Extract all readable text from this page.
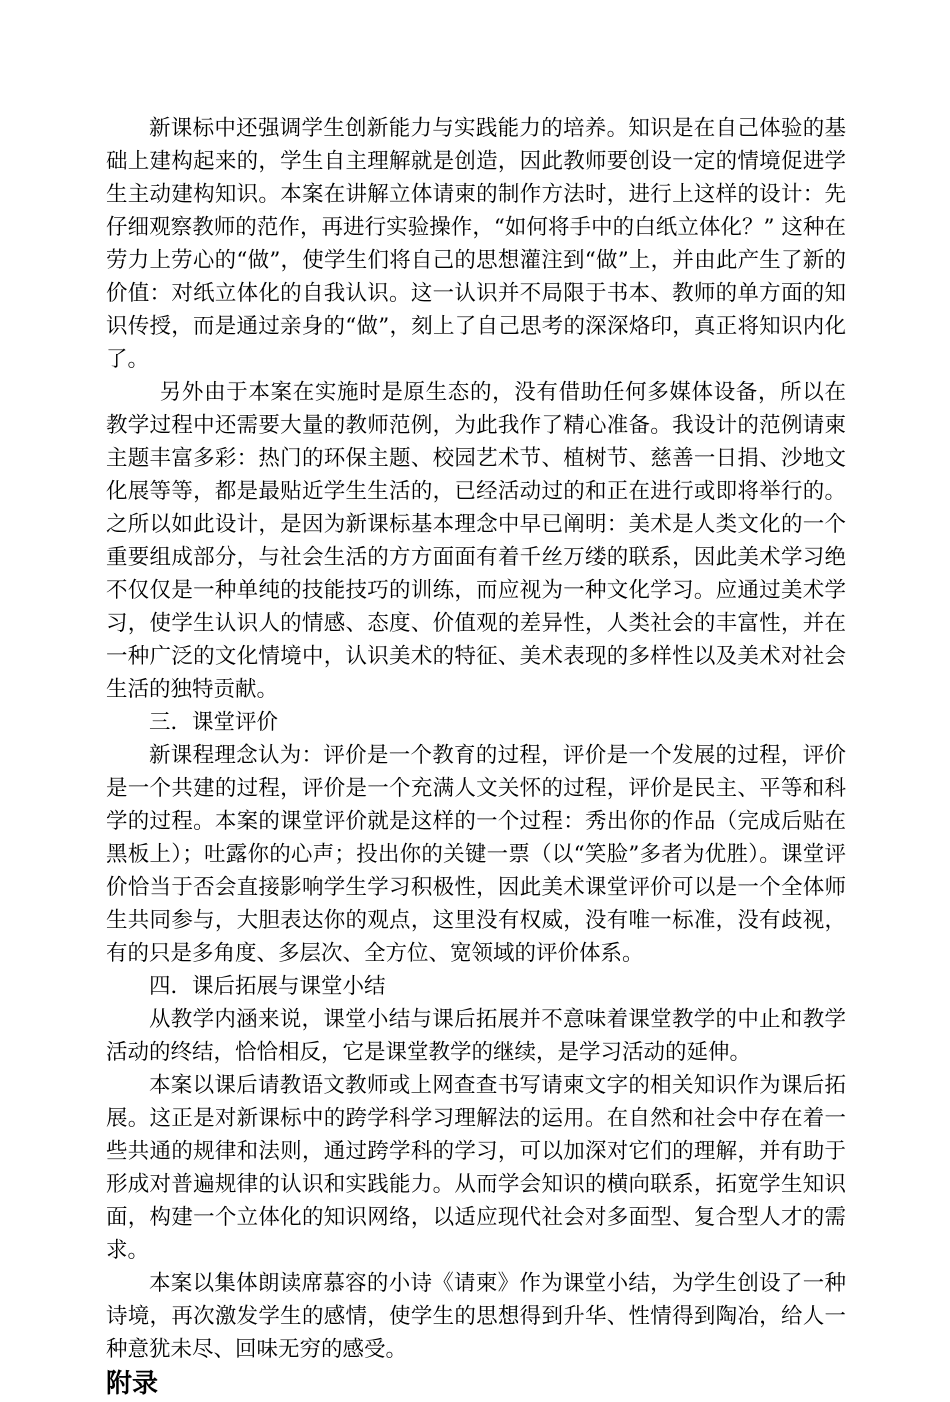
新课标中还强调学生创新能力与实践能力的培养。知识是在自己体验的基础上建构起来的，学生自主理解就是创造，因此教师要创设一定的情境促进学生主动建构知识。本案在讲解立体请柬的制作方法时，进行上这样的设计：先仔细观察教师的范作，再进行实验操作，“如何将手中的白纸立体化？” 这种在劳力上劳心的“做”，使学生们将自己的思想灌注到“做”上，并由此产生了新的价值：对纸立体化的自我认识。这一认识并不局限于书本、教师的单方面的知识传授，而是通过亲身的“做”，刻上了自己思考的深深烙印，真正将知识内化了。

另外由于本案在实施时是原生态的，没有借助任何多媒体设备，所以在教学过程中还需要大量的教师范例，为此我作了精心准备。我设计的范例请柬主题丰富多彩：热门的环保主题、校园艺术节、植树节、慈善一日捐、沙地文化展等等，都是最贴近学生生活的，已经活动过的和正在进行或即将举行的。之所以如此设计，是因为新课标基本理念中早已阐明：美术是人类文化的一个重要组成部分，与社会生活的方方面面有着千丝万缕的联系，因此美术学习绝不仅仅是一种单纯的技能技巧的训练，而应视为一种文化学习。应通过美术学习，使学生认识人的情感、态度、价值观的差异性，人类社会的丰富性，并在一种广泛的文化情境中，认识美术的特征、美术表现的多样性以及美术对社会生活的独特贡献。

三．课堂评价

新课程理念认为：评价是一个教育的过程，评价是一个发展的过程，评价是一个共建的过程，评价是一个充满人文关怀的过程，评价是民主、平等和科学的过程。本案的课堂评价就是这样的一个过程：秀出你的作品（完成后贴在黑板上）；吐露你的心声；投出你的关键一票（以“笑脸”多者为优胜）。课堂评价恰当于否会直接影响学生学习积极性，因此美术课堂评价可以是一个全体师生共同参与，大胆表达你的观点，这里没有权威，没有唯一标准，没有歧视，有的只是多角度、多层次、全方位、宽领域的评价体系。

四．课后拓展与课堂小结

从教学内涵来说，课堂小结与课后拓展并不意味着课堂教学的中止和教学活动的终结，恰恰相反，它是课堂教学的继续，是学习活动的延伸。

本案以课后请教语文教师或上网查查书写请柬文字的相关知识作为课后拓展。这正是对新课标中的跨学科学习理解法的运用。在自然和社会中存在着一些共通的规律和法则，通过跨学科的学习，可以加深对它们的理解，并有助于形成对普遍规律的认识和实践能力。从而学会知识的横向联系，拓宽学生知识面，构建一个立体化的知识网络，以适应现代社会对多面型、复合型人才的需求。

本案以集体朗读席慕容的小诗《请柬》作为课堂小结，为学生创设了一种诗境，再次激发学生的感情，使学生的思想得到升华、性情得到陶冶，给人一种意犹未尽、回味无穷的感受。

附录
